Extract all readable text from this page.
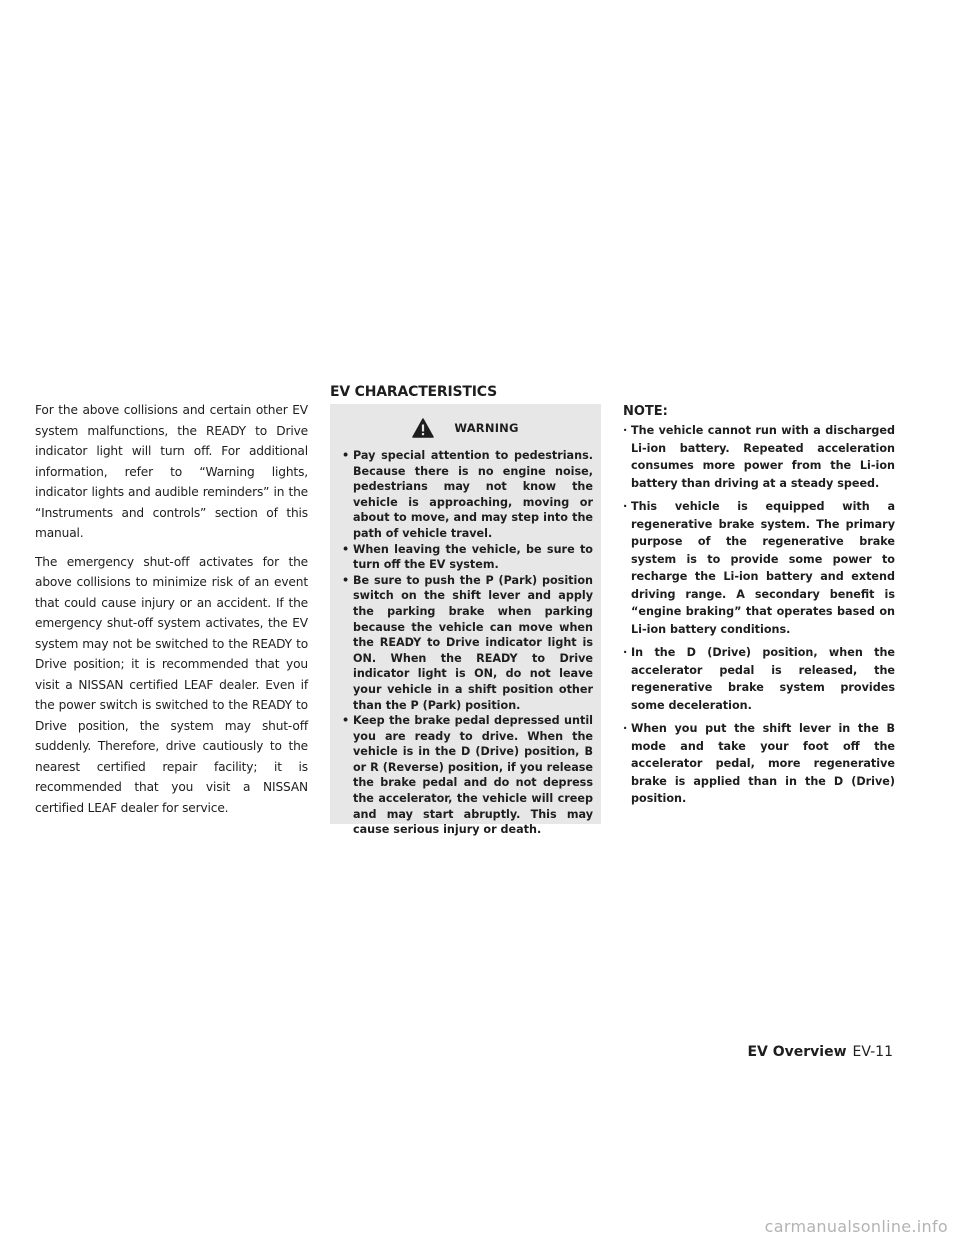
For the above collisions and certain other EV system malfunctions, the READY to Drive indicator light will turn off. For additional information, refer to “Warning lights, indicator lights and audible reminders” in the “Instruments and controls” section of this manual.

The emergency shut-off activates for the above collisions to minimize risk of an event that could cause injury or an accident. If the emergency shut-off system activates, the EV system may not be switched to the READY to Drive position; it is recommended that you visit a NISSAN certified LEAF dealer. Even if the power switch is switched to the READY to Drive position, the system may shut-off suddenly. Therefore, drive cautiously to the nearest certified repair facility; it is recommended that you visit a NISSAN certified LEAF dealer for service.

EV CHARACTERISTICS
WARNING
• Pay special attention to pedestrians. Because there is no engine noise, pedestrians may not know the vehicle is approaching, moving or about to move, and may step into the path of vehicle travel.
• When leaving the vehicle, be sure to turn off the EV system.
• Be sure to push the P (Park) position switch on the shift lever and apply the parking brake when parking because the vehicle can move when the READY to Drive indicator light is ON. When the READY to Drive indicator light is ON, do not leave your vehicle in a shift position other than the P (Park) position.
• Keep the brake pedal depressed until you are ready to drive. When the vehicle is in the D (Drive) position, B or R (Reverse) position, if you release the brake pedal and do not depress the accelerator, the vehicle will creep and may start abruptly. This may cause serious injury or death.
NOTE:
· The vehicle cannot run with a discharged Li-ion battery. Repeated acceleration consumes more power from the Li-ion battery than driving at a steady speed.
· This vehicle is equipped with a regenerative brake system. The primary purpose of the regenerative brake system is to provide some power to recharge the Li-ion battery and extend driving range. A secondary benefit is “engine braking” that operates based on Li-ion battery conditions.
· In the D (Drive) position, when the accelerator pedal is released, the regenerative brake system provides some deceleration.
· When you put the shift lever in the B mode and take your foot off the accelerator pedal, more regenerative brake is applied than in the D (Drive) position.
EV Overview EV-11
carmanualsonline.info
